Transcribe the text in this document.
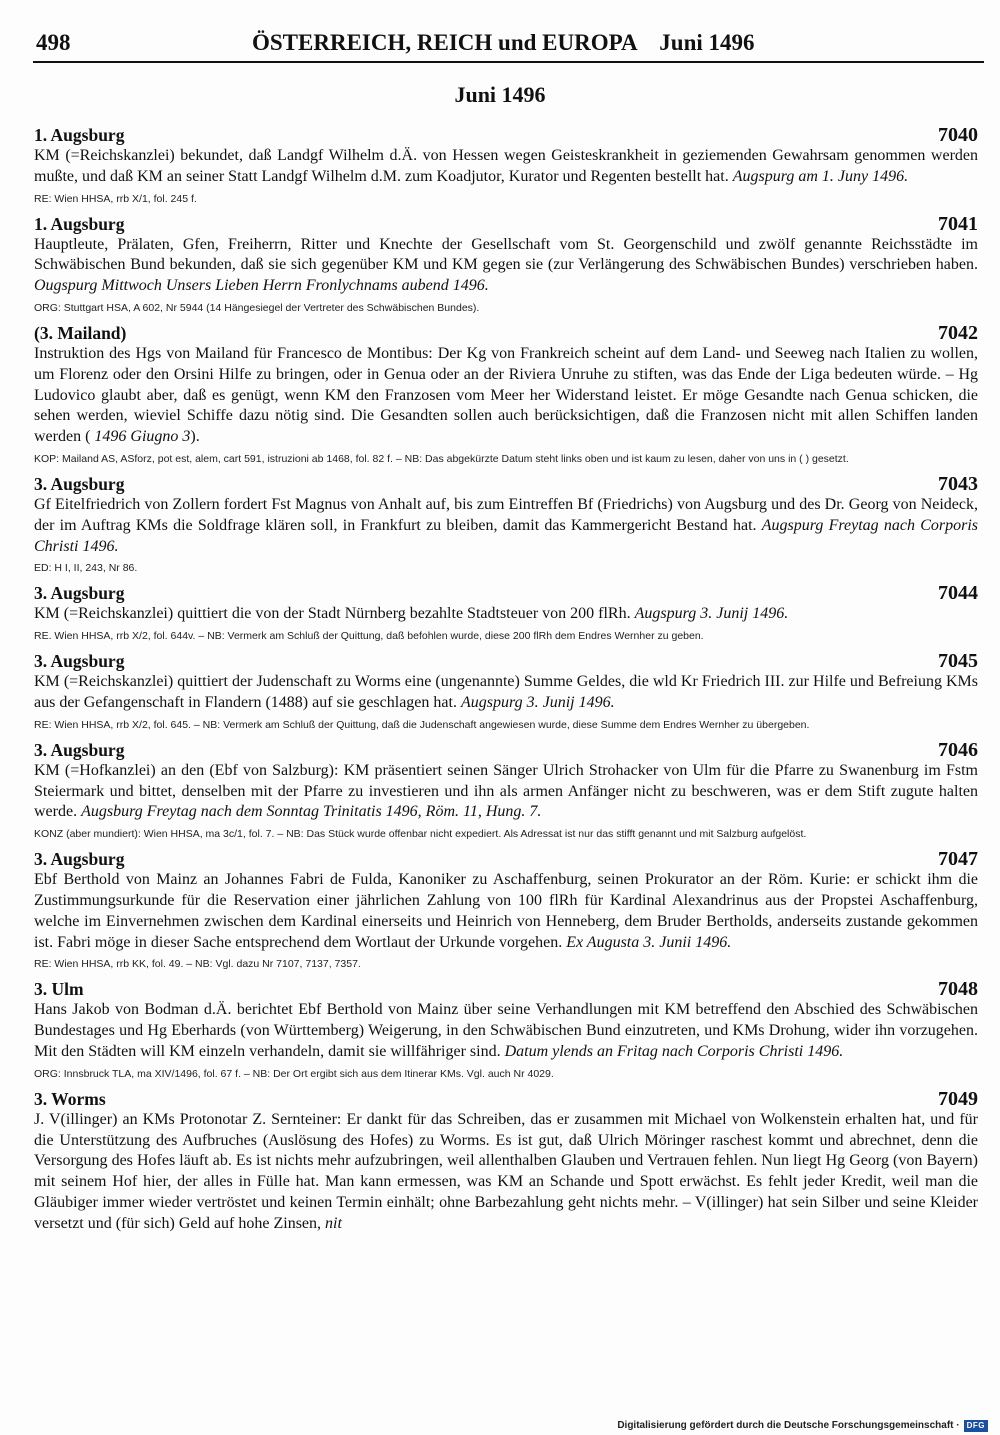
498	ÖSTERREICH, REICH und EUROPA    Juni 1496
Juni 1496
1. Augsburg	7040
KM (=Reichskanzlei) bekundet, daß Landgf Wilhelm d.Ä. von Hessen wegen Geisteskrankheit in geziemenden Gewahrsam genommen werden mußte, und daß KM an seiner Statt Landgf Wilhelm d.M. zum Koadjutor, Kurator und Regenten bestellt hat. Augspurg am 1. Juny 1496.
RE: Wien HHSA, rrb X/1, fol. 245 f.
1. Augsburg	7041
Hauptleute, Prälaten, Gfen, Freiherrn, Ritter und Knechte der Gesellschaft vom St. Georgenschild und zwölf genannte Reichsstädte im Schwäbischen Bund bekunden, daß sie sich gegenüber KM und KM gegen sie (zur Verlängerung des Schwäbischen Bundes) verschrieben haben. Ougspurg Mittwoch Unsers Lieben Herrn Fronlychnams aubend 1496.
ORG: Stuttgart HSA, A 602, Nr 5944 (14 Hängesiegel der Vertreter des Schwäbischen Bundes).
(3. Mailand)	7042
Instruktion des Hgs von Mailand für Francesco de Montibus: Der Kg von Frankreich scheint auf dem Land- und Seeweg nach Italien zu wollen, um Florenz oder den Orsini Hilfe zu bringen, oder in Genua oder an der Riviera Unruhe zu stiften, was das Ende der Liga bedeuten würde. – Hg Ludovico glaubt aber, daß es genügt, wenn KM den Franzosen vom Meer her Widerstand leistet. Er möge Gesandte nach Genua schicken, die sehen werden, wieviel Schiffe dazu nötig sind. Die Gesandten sollen auch berücksichtigen, daß die Franzosen nicht mit allen Schiffen landen werden ( 1496 Giugno 3).
KOP: Mailand AS, ASforz, pot est, alem, cart 591, istruzioni ab 1468, fol. 82 f. – NB: Das abgekürzte Datum steht links oben und ist kaum zu lesen, daher von uns in ( ) gesetzt.
3. Augsburg	7043
Gf Eitelfriedrich von Zollern fordert Fst Magnus von Anhalt auf, bis zum Eintreffen Bf (Friedrichs) von Augsburg und des Dr. Georg von Neideck, der im Auftrag KMs die Soldfrage klären soll, in Frankfurt zu bleiben, damit das Kammergericht Bestand hat. Augspurg Freytag nach Corporis Christi 1496.
ED: H I, II, 243, Nr 86.
3. Augsburg	7044
KM (=Reichskanzlei) quittiert die von der Stadt Nürnberg bezahlte Stadtsteuer von 200 flRh. Augspurg 3. Junij 1496.
RE. Wien HHSA, rrb X/2, fol. 644v. – NB: Vermerk am Schluß der Quittung, daß befohlen wurde, diese 200 flRh dem Endres Wernher zu geben.
3. Augsburg	7045
KM (=Reichskanzlei) quittiert der Judenschaft zu Worms eine (ungenannte) Summe Geldes, die wld Kr Friedrich III. zur Hilfe und Befreiung KMs aus der Gefangenschaft in Flandern (1488) auf sie geschlagen hat. Augspurg 3. Junij 1496.
RE: Wien HHSA, rrb X/2, fol. 645. – NB: Vermerk am Schluß der Quittung, daß die Judenschaft angewiesen wurde, diese Summe dem Endres Wernher zu übergeben.
3. Augsburg	7046
KM (=Hofkanzlei) an den (Ebf von Salzburg): KM präsentiert seinen Sänger Ulrich Strohacker von Ulm für die Pfarre zu Swanenburg im Fstm Steiermark und bittet, denselben mit der Pfarre zu investieren und ihn als armen Anfänger nicht zu beschweren, was er dem Stift zugute halten werde. Augsburg Freytag nach dem Sonntag Trinitatis 1496, Röm. 11, Hung. 7.
KONZ (aber mundiert): Wien HHSA, ma 3c/1, fol. 7. – NB: Das Stück wurde offenbar nicht expediert. Als Adressat ist nur das stifft genannt und mit Salzburg aufgelöst.
3. Augsburg	7047
Ebf Berthold von Mainz an Johannes Fabri de Fulda, Kanoniker zu Aschaffenburg, seinen Prokurator an der Röm. Kurie: er schickt ihm die Zustimmungsurkunde für die Reservation einer jährlichen Zahlung von 100 flRh für Kardinal Alexandrinus aus der Propstei Aschaffenburg, welche im Einvernehmen zwischen dem Kardinal einerseits und Heinrich von Henneberg, dem Bruder Bertholds, anderseits zustande gekommen ist. Fabri möge in dieser Sache entsprechend dem Wortlaut der Urkunde vorgehen. Ex Augusta 3. Junii 1496.
RE: Wien HHSA, rrb KK, fol. 49. – NB: Vgl. dazu Nr 7107, 7137, 7357.
3. Ulm	7048
Hans Jakob von Bodman d.Ä. berichtet Ebf Berthold von Mainz über seine Verhandlungen mit KM betreffend den Abschied des Schwäbischen Bundestages und Hg Eberhards (von Württemberg) Weigerung, in den Schwäbischen Bund einzutreten, und KMs Drohung, wider ihn vorzugehen. Mit den Städten will KM einzeln verhandeln, damit sie willfähriger sind. Datum ylends an Fritag nach Corporis Christi 1496.
ORG: Innsbruck TLA, ma XIV/1496, fol. 67 f. – NB: Der Ort ergibt sich aus dem Itinerar KMs. Vgl. auch Nr 4029.
3. Worms	7049
J. V(illinger) an KMs Protonotar Z. Sernteiner: Er dankt für das Schreiben, das er zusammen mit Michael von Wolkenstein erhalten hat, und für die Unterstützung des Aufbruches (Auslösung des Hofes) zu Worms. Es ist gut, daß Ulrich Möringer raschest kommt und abrechnet, denn die Versorgung des Hofes läuft ab. Es ist nichts mehr aufzubringen, weil allenthalben Glauben und Vertrauen fehlen. Nun liegt Hg Georg (von Bayern) mit seinem Hof hier, der alles in Fülle hat. Man kann ermessen, was KM an Schande und Spott erwächst. Es fehlt jeder Kredit, weil man die Gläubiger immer wieder vertröstet und keinen Termin einhält; ohne Barbezahlung geht nichts mehr. – V(illinger) hat sein Silber und seine Kleider versetzt und (für sich) Geld auf hohe Zinsen, nit
Digitalisierung gefördert durch die Deutsche Forschungsgemeinschaft · DFG
